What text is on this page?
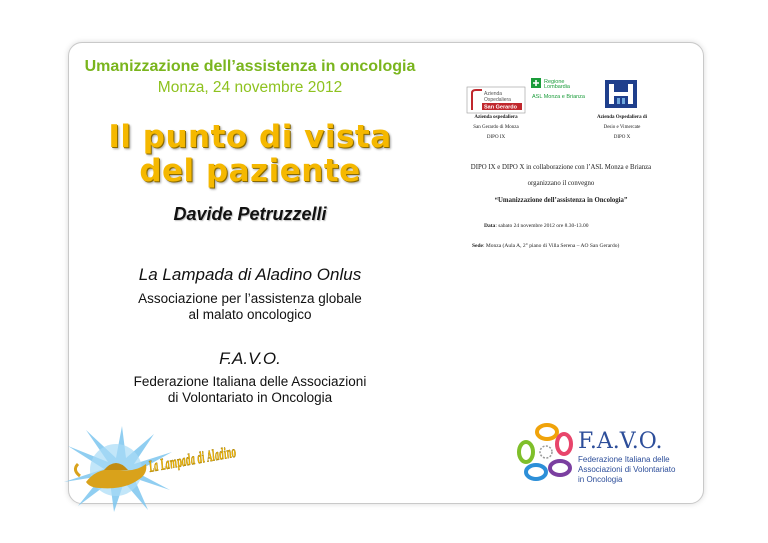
Umanizzazione dell’assistenza in oncologia
Monza, 24 novembre 2012
Il punto di vista
del paziente
Davide Petruzzelli
La Lampada di Aladino Onlus
Associazione per l’assistenza globale
al malato oncologico
F.A.V.O.
Federazione Italiana delle Associazioni
di Volontariato in Oncologia
Azienda
Ospedaliera
San Gerardo
Regione
Lombardia
ASL Monza e Brianza
Azienda ospedaliera
San Gerardo di Monza
DIPO IX
Azienda Ospedaliera di
Desio e Vimercate
DIPO X
DIPO IX e DIPO X in collaborazione con l’ASL Monza e Brianza
organizzano il convegno
“Umanizzazione dell’assistenza in Oncologia”
Data: sabato 24 novembre 2012 ore 8.30-13.00
Sede: Monza (Aula A, 2° piano di Villa Serena – AO San Gerardo)
F.A.V.O.
Federazione Italiana delle
Associazioni di Volontariato
in Oncologia
